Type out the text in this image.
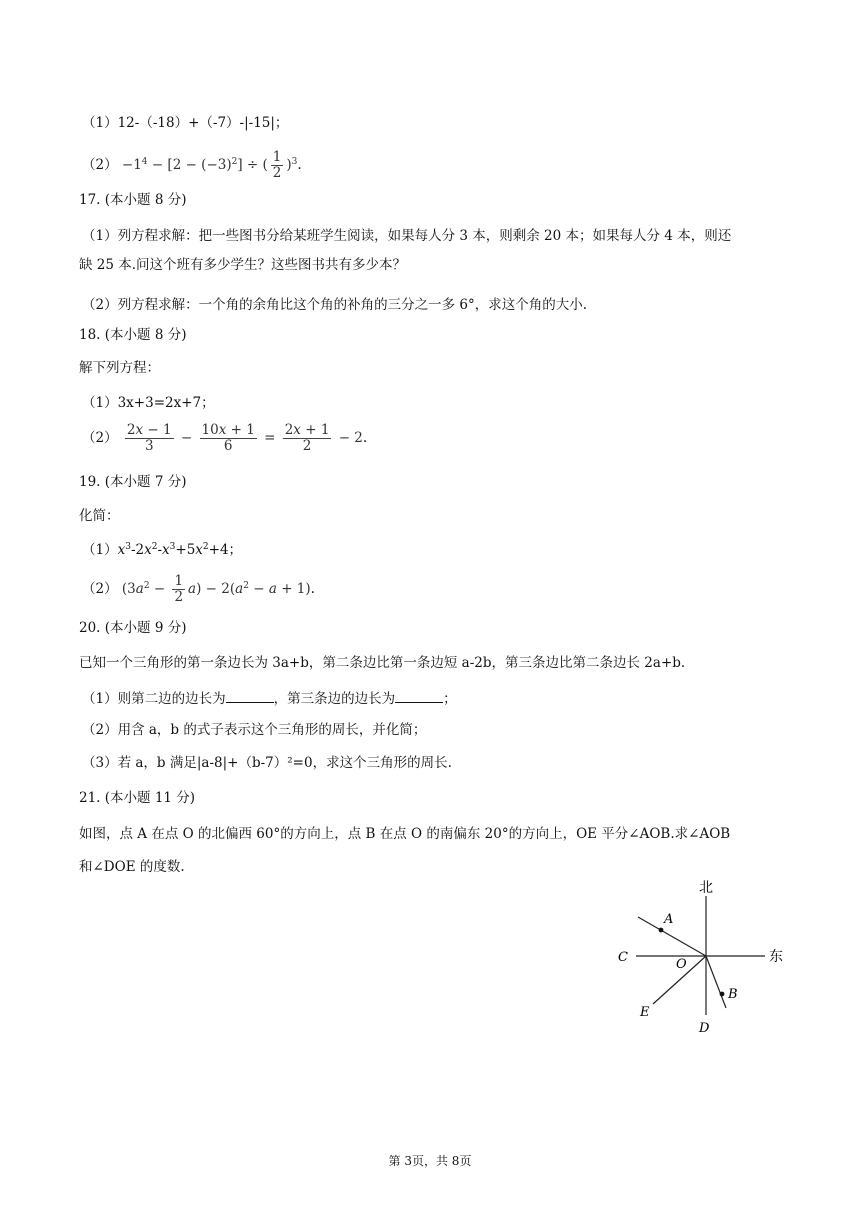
（1）12-（-18）+（-7）-|-15|；
$(2) -1^4 - [2 - (-3)^2]$ ÷ ( $\frac{1}{2} )^3$.
17. (本小题 8 分)
（1）列方程求解：把一些图书分给某班学生阅读，如果每人分 3 本，则剩余 20 本；如果每人分 4 本，则还
缺 25 本.问这个班有多少学生？这些图书共有多少本？
（2）列方程求解：一个角的余角比这个角的补角的三分之一多 6°，求这个角的大小.
18. (本小题 8 分)
解下列方程：
（1）3x+3=2x+7；
$(2) \frac{2x - 1}{3} - \frac{10x + 1}{6} = \frac{2x + 1}{2} - 2$.
19. (本小题 7 分)
化简：
$(1)x^3-2x^2-x^3+5x^2+4$；
（2） $(3a^2 - \frac{1}{2} a) - 2(a^2 - a + 1)$.
20. (本小题 9 分)
已知一个三角形的第一条边长为 3a+b，第二条边比第一条边短 a-2b，第三条边比第二条边长 2a+b.
（1）则第二边的边长为	，第三条边的边长为	；
（2）用含 a，b 的式子表示这个三角形的周长，并化简；
（3）若 a，b 满足|a-8|+（b-7）²=0，求这个三角形的周长.
21. (本小题 11 分)
如图，点 A 在点 O 的北偏西 60°的方向上，点 B 在点 O 的南偏东 20°的方向上，OE 平分∠AOB.求∠AOB
和∠DOE 的度数.
北
东
A
B
C
D
E
O
第 3页，共 8页
